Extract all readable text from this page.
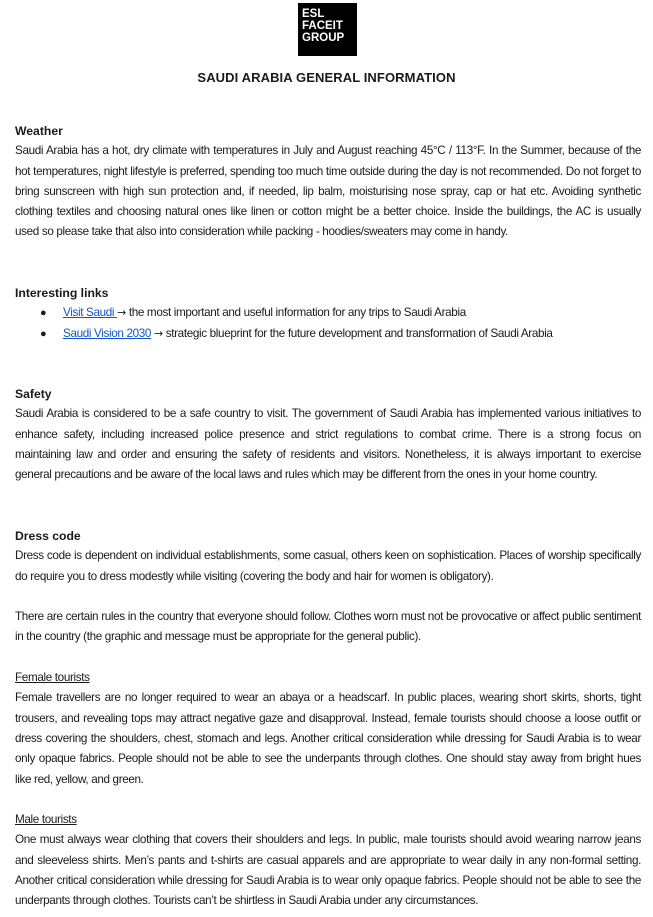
ESL
FACEIT
GROUP
SAUDI ARABIA GENERAL INFORMATION

Weather

Saudi Arabia has a hot, dry climate with temperatures in July and August reaching 45°C / 113°F. In the Summer, because of the hot temperatures, night lifestyle is preferred, spending too much time outside during the day is not recommended. Do not forget to bring sunscreen with high sun protection and, if needed, lip balm, moisturising nose spray, cap or hat etc. Avoiding synthetic clothing textiles and choosing natural ones like linen or cotton might be a better choice. Inside the buildings, the AC is usually used so please take that also into consideration while packing - hoodies/sweaters may come in handy.

Interesting links

● Visit Saudi → the most important and useful information for any trips to Saudi Arabia
● Saudi Vision 2030 → strategic blueprint for the future development and transformation of Saudi Arabia

Safety

Saudi Arabia is considered to be a safe country to visit. The government of Saudi Arabia has implemented various initiatives to enhance safety, including increased police presence and strict regulations to combat crime. There is a strong focus on maintaining law and order and ensuring the safety of residents and visitors. Nonetheless, it is always important to exercise general precautions and be aware of the local laws and rules which may be different from the ones in your home country.

Dress code

Dress code is dependent on individual establishments, some casual, others keen on sophistication. Places of worship specifically do require you to dress modestly while visiting (covering the body and hair for women is obligatory).

There are certain rules in the country that everyone should follow. Clothes worn must not be provocative or affect public sentiment in the country (the graphic and message must be appropriate for the general public).

Female tourists

Female travellers are no longer required to wear an abaya or a headscarf. In public places, wearing short skirts, shorts, tight trousers, and revealing tops may attract negative gaze and disapproval. Instead, female tourists should choose a loose outfit or dress covering the shoulders, chest, stomach and legs. Another critical consideration while dressing for Saudi Arabia is to wear only opaque fabrics. People should not be able to see the underpants through clothes. One should stay away from bright hues like red, yellow, and green.

Male tourists

One must always wear clothing that covers their shoulders and legs. In public, male tourists should avoid wearing narrow jeans and sleeveless shirts. Men’s pants and t-shirts are casual apparels and are appropriate to wear daily in any non-formal setting. Another critical consideration while dressing for Saudi Arabia is to wear only opaque fabrics. People should not be able to see the underpants through clothes. Tourists can’t be shirtless in Saudi Arabia under any circumstances.
